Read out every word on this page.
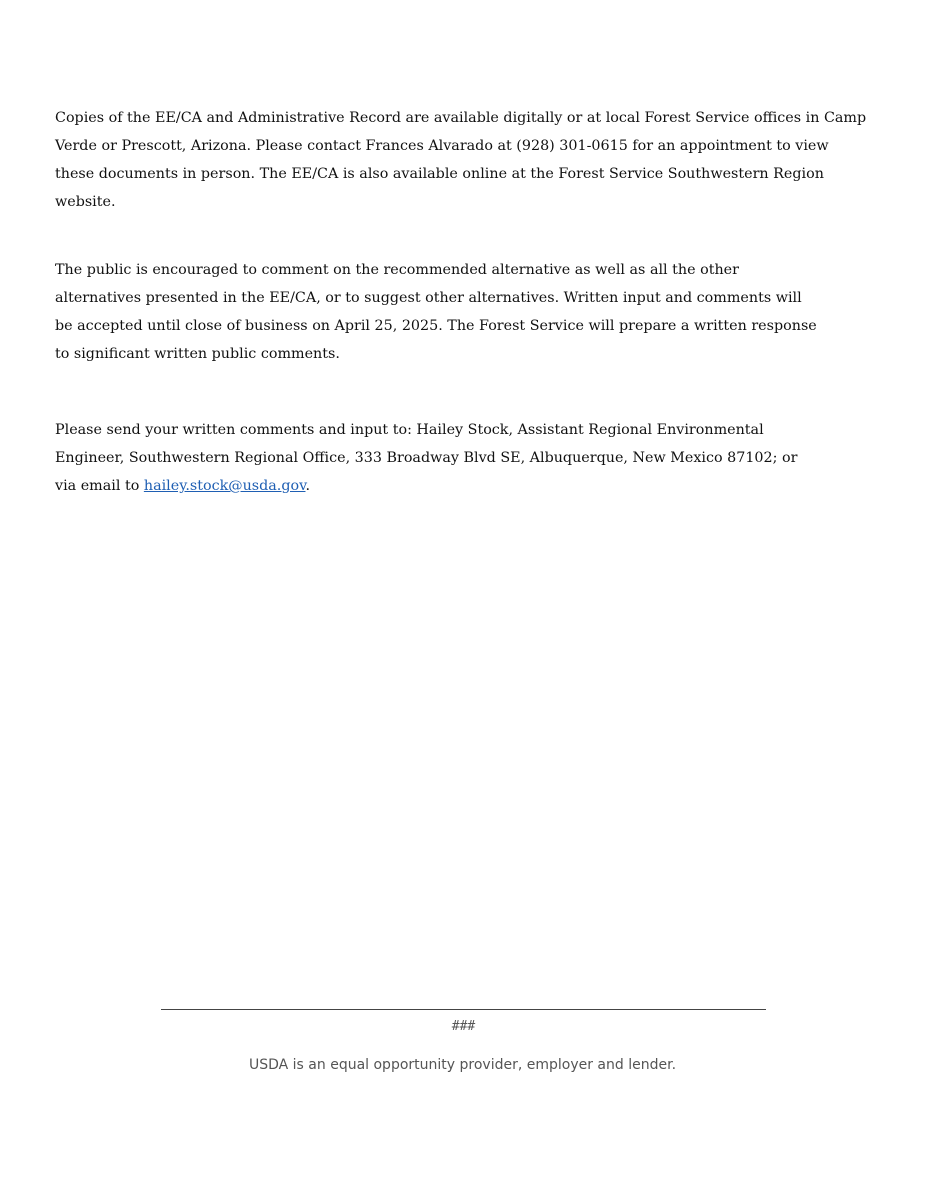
Copies of the EE/CA and Administrative Record are available digitally or at local Forest Service offices in Camp
Verde or Prescott, Arizona. Please contact Frances Alvarado at (928) 301-0615 for an appointment to view
these documents in person. The EE/CA is also available online at the Forest Service Southwestern Region
website.

The public is encouraged to comment on the recommended alternative as well as all the other
alternatives presented in the EE/CA, or to suggest other alternatives. Written input and comments will
be accepted until close of business on April 25, 2025. The Forest Service will prepare a written response
to significant written public comments.

Please send your written comments and input to: Hailey Stock, Assistant Regional Environmental
Engineer, Southwestern Regional Office, 333 Broadway Blvd SE, Albuquerque, New Mexico 87102; or
via email to hailey.stock@usda.gov.

###

USDA is an equal opportunity provider, employer and lender.
